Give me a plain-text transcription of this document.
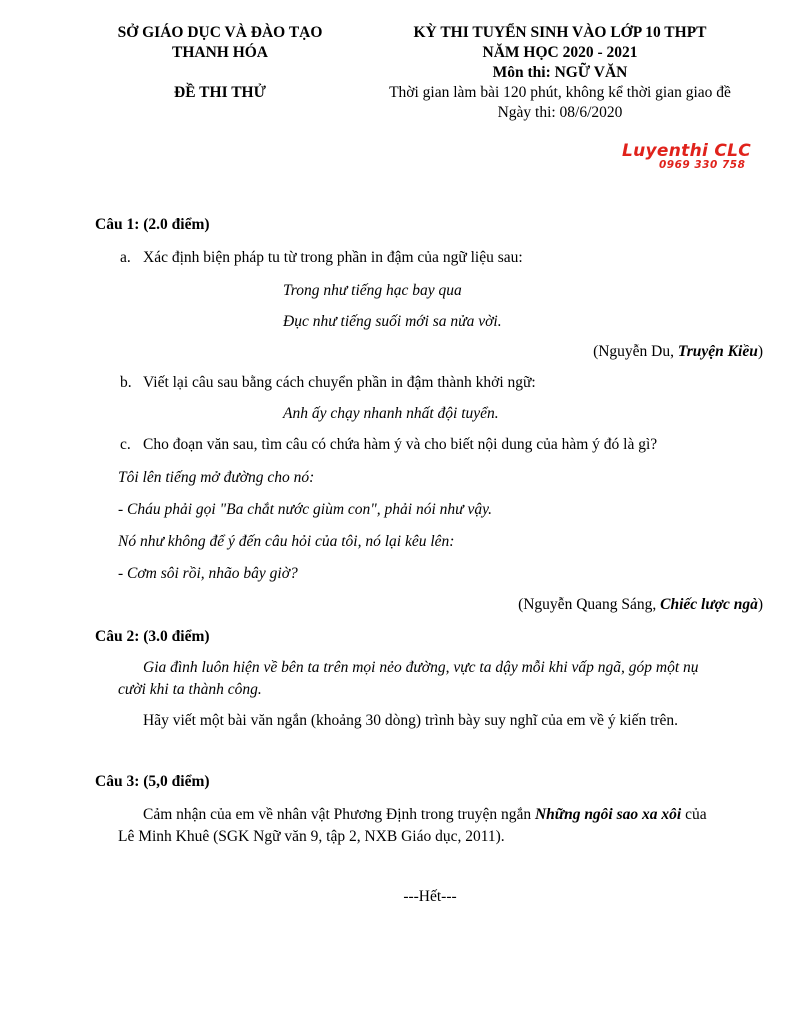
SỞ GIÁO DỤC VÀ ĐÀO TẠO
THANH HÓA
ĐỀ THI THỬ
KỲ THI TUYỂN SINH VÀO LỚP 10 THPT
NĂM HỌC 2020 - 2021
Môn thi: NGỮ VĂN
Thời gian làm bài 120 phút, không kể thời gian giao đề
Ngày thi: 08/6/2020
Luyenthi CLC
0969 330 758
Câu 1: (2.0 điểm)
a. Xác định biện pháp tu từ trong phần in đậm của ngữ liệu sau:
Trong như tiếng hạc bay qua
Đục như tiếng suối mới sa nửa vời.
(Nguyễn Du, Truyện Kiều)
b. Viết lại câu sau bằng cách chuyển phần in đậm thành khởi ngữ:
Anh ấy chạy nhanh nhất đội tuyển.
c. Cho đoạn văn sau, tìm câu có chứa hàm ý và cho biết nội dung của hàm ý đó là gì?
Tôi lên tiếng mở đường cho nó:
- Cháu phải gọi "Ba chắt nước giùm con", phải nói như vậy.
Nó như không để ý đến câu hỏi của tôi, nó lại kêu lên:
- Cơm sôi rồi, nhão bây giờ?
(Nguyễn Quang Sáng, Chiếc lược ngà)
Câu 2: (3.0 điểm)
Gia đình luôn hiện về bên ta trên mọi nẻo đường, vực ta dậy mỗi khi vấp ngã, góp một nụ
cười khi ta thành công.
Hãy viết một bài văn ngắn (khoảng 30 dòng) trình bày suy nghĩ của em về ý kiến trên.
Câu 3: (5,0 điểm)
Cảm nhận của em về nhân vật Phương Định trong truyện ngắn Những ngôi sao xa xôi của
Lê Minh Khuê (SGK Ngữ văn 9, tập 2, NXB Giáo dục, 2011).
---Hết---
